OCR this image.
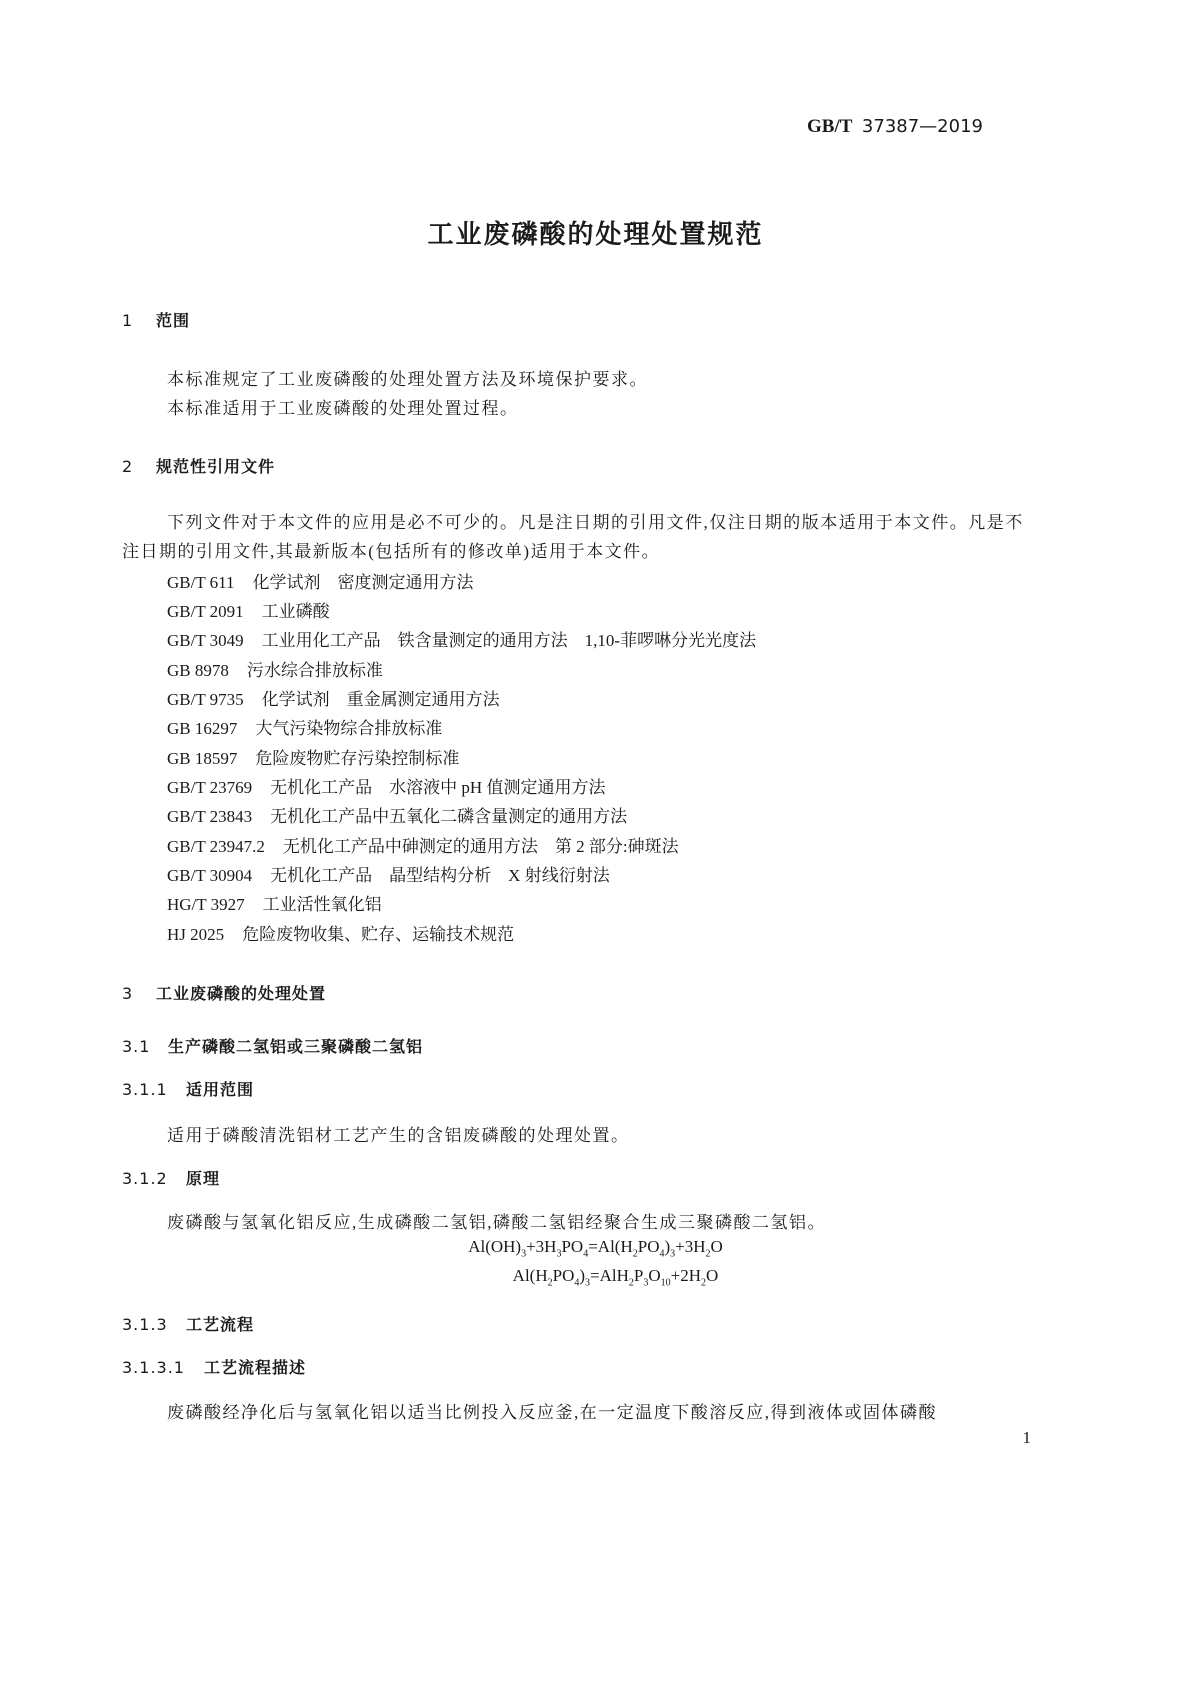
GB/T 37387—2019
工业废磷酸的处理处置规范
1 范围
本标准规定了工业废磷酸的处理处置方法及环境保护要求。
本标准适用于工业废磷酸的处理处置过程。
2 规范性引用文件
下列文件对于本文件的应用是必不可少的。凡是注日期的引用文件,仅注日期的版本适用于本文件。凡是不注日期的引用文件,其最新版本(包括所有的修改单)适用于本文件。
GB/T 611 化学试剂　密度测定通用方法
GB/T 2091 工业磷酸
GB/T 3049 工业用化工产品　铁含量测定的通用方法　1,10-菲啰啉分光光度法
GB 8978 污水综合排放标准
GB/T 9735 化学试剂　重金属测定通用方法
GB 16297 大气污染物综合排放标准
GB 18597 危险废物贮存污染控制标准
GB/T 23769 无机化工产品　水溶液中 pH 值测定通用方法
GB/T 23843 无机化工产品中五氧化二磷含量测定的通用方法
GB/T 23947.2 无机化工产品中砷测定的通用方法　第 2 部分:砷斑法
GB/T 30904 无机化工产品　晶型结构分析　X 射线衍射法
HG/T 3927 工业活性氧化铝
HJ 2025 危险废物收集、贮存、运输技术规范
3 工业废磷酸的处理处置
3.1 生产磷酸二氢铝或三聚磷酸二氢铝
3.1.1 适用范围
适用于磷酸清洗铝材工艺产生的含铝废磷酸的处理处置。
3.1.2 原理
废磷酸与氢氧化铝反应,生成磷酸二氢铝,磷酸二氢铝经聚合生成三聚磷酸二氢铝。
$Al(OH)_3+3H_3PO_4=Al(H_2PO_4)_3+3H_2O$
$Al(H_2PO_4)_3=AlH_2P_3O_{10}+2H_2O$
3.1.3 工艺流程
3.1.3.1 工艺流程描述
废磷酸经净化后与氢氧化铝以适当比例投入反应釜,在一定温度下酸溶反应,得到液体或固体磷酸
1
